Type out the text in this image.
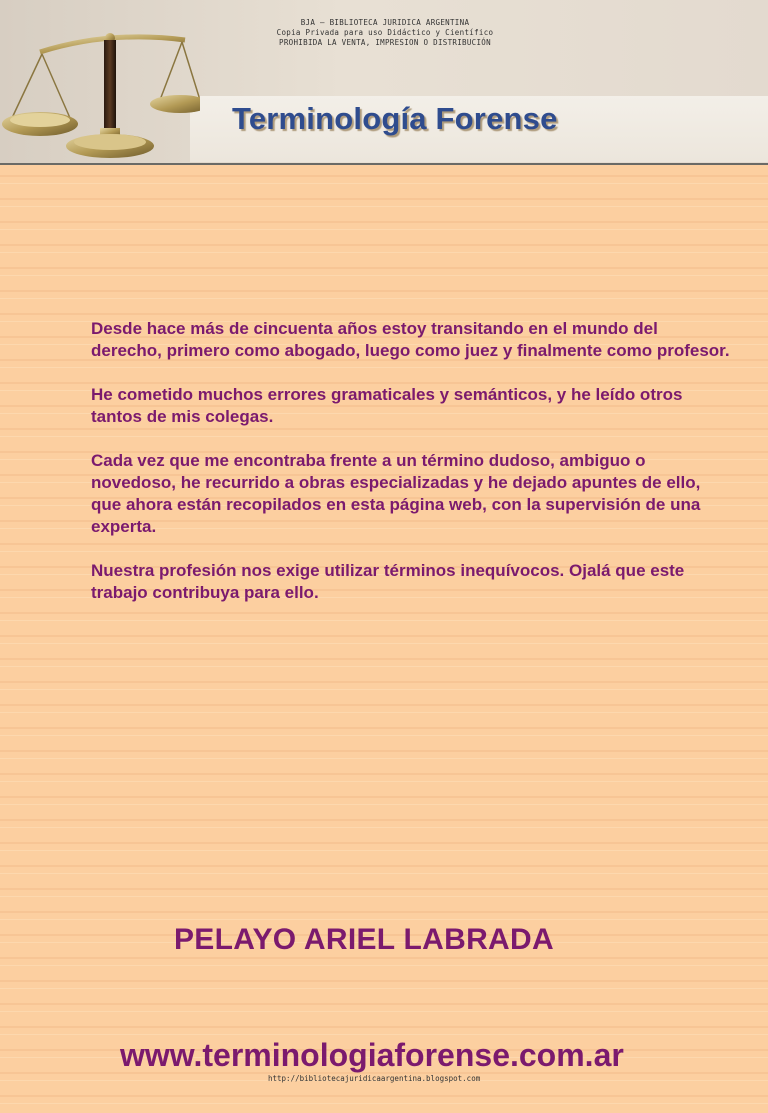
BJA – BIBLIOTECA JURIDICA ARGENTINA
Copia Privada para uso Didáctico y Científico
PROHIBIDA LA VENTA, IMPRESION O DISTRIBUCIÓN
Terminología Forense

Desde hace más de cincuenta años estoy transitando en el mundo del derecho, primero como abogado, luego como juez y finalmente como profesor.

He cometido muchos errores gramaticales y semánticos, y he leído otros tantos de mis colegas.

Cada vez que me encontraba frente a un término dudoso, ambiguo o novedoso, he recurrido a obras especializadas y he dejado apuntes de ello, que ahora están recopilados en esta página web, con la supervisión de una experta.

Nuestra profesión nos exige utilizar términos inequívocos. Ojalá que este trabajo contribuya para ello.

PELAYO ARIEL LABRADA
www.terminologiaforense.com.ar
http://bibliotecajuridicaargentina.blogspot.com
